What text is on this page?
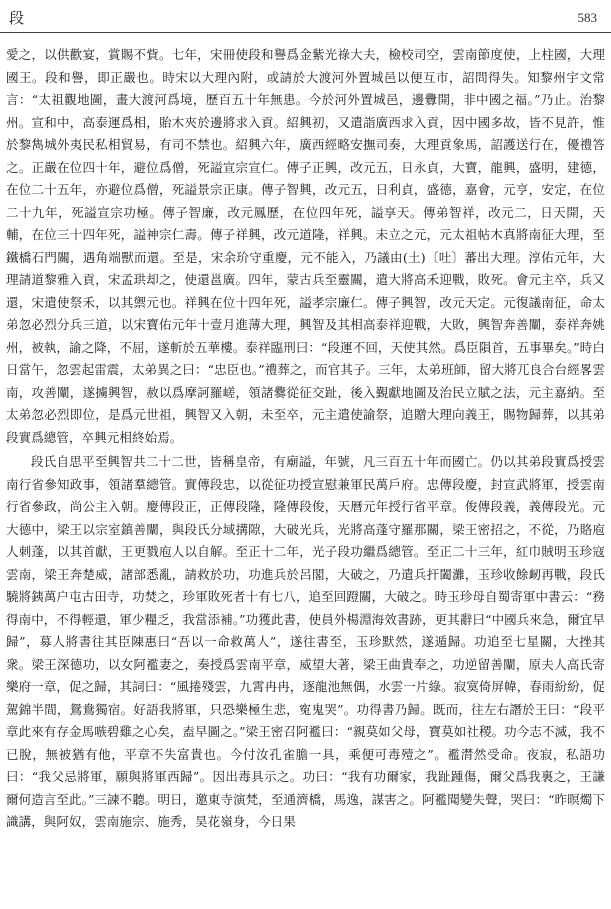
段	583

愛之，以供歡宴，賞賜不貲。七年，宋冊使段和譽爲金紫光祿大夫，檢校司空，雲南節度使，上柱國，大理國王。段和譽，即正嚴也。時宋以大理內附，或請於大渡河外置城邑以便互市，詔問得失。知黎州宇文常言：“太祖觀地圖，畫大渡河爲境，歷百五十年無患。今於河外置城邑，邊釁開，非中國之福。”乃止。治黎州。宣和中，高泰運爲相，貽木夾於邊將求入貢。紹興初，又遣詣廣西求入貢，因中國多故，皆不見許，惟於黎雋城外夷民私相貿易，有司不禁也。紹興六年，廣西經略安撫司奏，大理貢象馬，詔護送行在，優禮答之。正嚴在位四十年，避位爲僧，死謚宣宗宣仁。傳子正興，改元五，日永貞，大寶，龍興，盛明，建德，在位二十五年，亦避位爲僧，死謚景宗正康。傳子智興，改元五，日利貞，盛德，嘉會，元亨，安定，在位二十九年，死謚宣宗功極。傳子智廉，改元鳳歷，在位四年死，謚享天。傳弟智祥，改元二，日天開，天輔，在位三十四年死，謚神宗仁壽。傳子祥興，改元道隆，祥興。未立之元，元太祖帖木真將南征大理，至鐵橋石門關，遇角端獸而還。至是，宋余玠守重慶，元不能入，乃議由(土)〔吐〕蕃出大理。淳佑元年，大理請道黎雅入貢，宋孟珙却之，使還邕廣。四年，蒙古兵至靈關，遣大將高禾迎戰，敗死。會元主卒，兵又還，宋遣使祭禾，以其禦元也。祥興在位十四年死，謚孝宗廉仁。傳子興智，改元天定。元復議南征，命太弟忽必烈分兵三道，以宋寶佑元年十壹月進薄大理，興智及其相高泰祥迎戰，大敗，興智奔善闡，泰祥奔姚州，被執，諭之降，不屈，遂斬於五華樓。泰祥臨刑曰：“段運不回，天使其然。爲臣隕首，五事畢矣。”時白日當午，忽雲起雷震，太弟異之曰：“忠臣也。”禮葬之，而官其子。三年，太弟班師，留大將兀良合台經畧雲南，攻善闡，遂擄興智，赦以爲摩訶羅嵯，領諸爨從征交趾，後入覲獻地圖及治民立賦之法，元主嘉納。至太弟忽必烈即位，是爲元世祖，興智又入朝，未至卒，元主遣使諭祭，追贈大理向義王，賜物歸葬，以其弟段實爲總管，卒興元相終始焉。

段氏自思平至興智共二十二世，皆稱皇帝，有廟謚，年號，凡三百五十年而國亡。仍以其弟段實爲授雲南行省參知政事，領諸羣總管。實傳段忠，以從征功授宣慰兼軍民萬戶府。忠傳段慶，封宣武將軍，授雲南行省參政，尚公主入朝。慶傳段正，正傳段隆，隆傳段俊，天曆元年授行省平章。俊傳段義，義傳段光。元大德中，梁王以宗室鎮善闡，與段氏分域搆隙，大破光兵，光將高蓬守羅那關，梁王密招之，不從，乃賂庖人刺蓬，以其首獻，王更戮庖人以自解。至正十二年，光子段功繼爲總管。至正二十三年，紅巾賊明玉珍寇雲南，梁王奔楚威，諸部悉亂，請救於功，功進兵於呂閣，大破之，乃遣兵扞闔灘，玉珍收餘衂再戰，段氏驍將銕萬户屯古田寺，功焚之，珍軍敗死者十有七八，追至回蹬關，大破之。時玉珍母自蜀寄軍中書云：“務得南中，不得輕還，軍少糧乏，我當添補。”功獲此書，使員外楊淵海效書跡，更其辭曰“中國兵來急，爾宜早歸”，募人將書往其臣陳惠曰“吾以一命救萬人”，遂往書至，玉珍默然，遂遁歸。功追至七星關，大挫其衆。梁王深德功，以女阿襤妻之，奏授爲雲南平章，威望大著，梁王曲貴奉之，功逆留善闡，原夫人高氏寄樂府一章，促之歸，其詞曰：“風捲殘雲，九霄冉冉，逐龍池無偶，水雲一片綠。寂寞倚屏幃，春雨紛紛，促駕錦半間，鴛鴦獨宿。好語我將軍，只恐樂極生悲，寃鬼哭”。功得書乃歸。既而，往左右譖於王曰：“段平章此來有存金馬嗾碧雞之心矣，盍早圖之。”梁王密召阿襤曰：“親莫如父母，寶莫如社稷。功今志不滅，我不已脫，無被猶有他，平章不失富貴也。今付汝孔雀膽一具，乘便可毒殪之”。襤潸然受命。夜寂，私語功曰：“我父忌將軍，願與將軍西歸”。因出毒具示之。功曰：“我有功爾家，我趾踵傷，爾父爲我裏之，王謙爾何造言至此。”三諫不聽。明日，邀東寺演梵，至通濟橋，馬逸，謀害之。阿襤聞變失聲，哭曰：“昨暝燭下識講，與阿奴，雲南施宗、施秀，昊花嶺身，今日果
